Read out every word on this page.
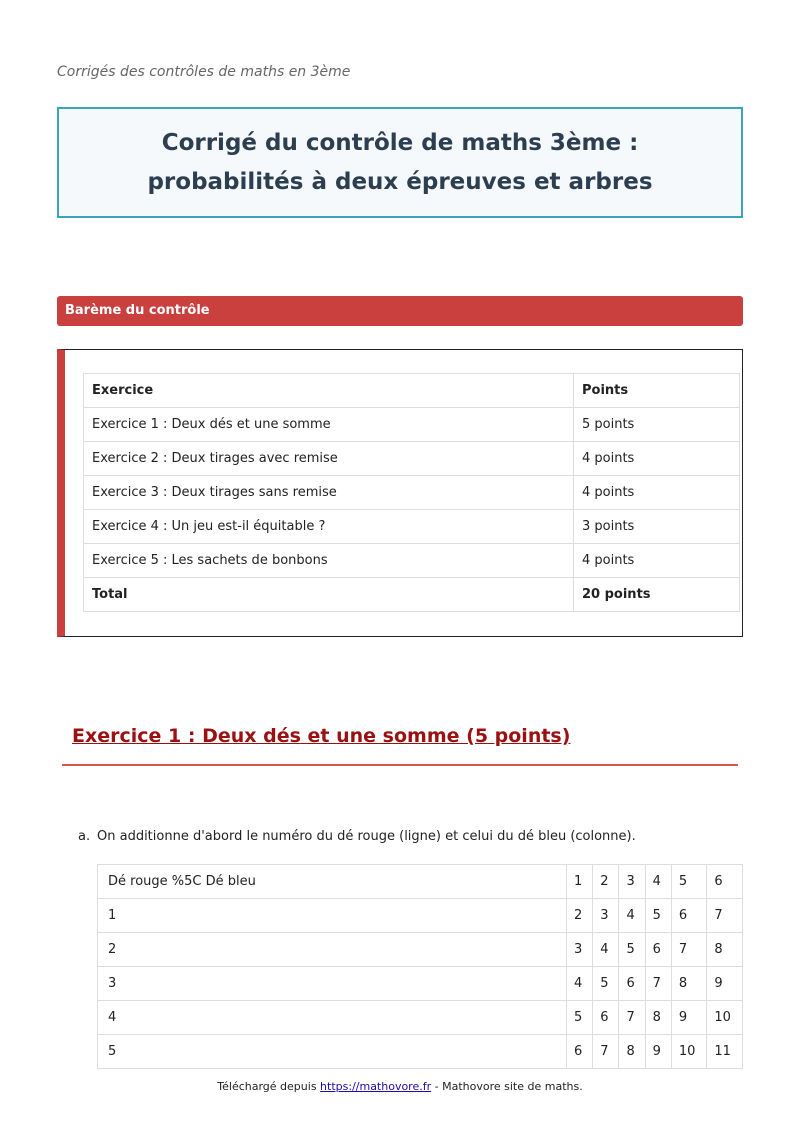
Corrigés des contrôles de maths en 3ème
Corrigé du contrôle de maths 3ème : probabilités à deux épreuves et arbres
Barème du contrôle
Exercice	Points
Exercice 1 : Deux dés et une somme	5 points
Exercice 2 : Deux tirages avec remise	4 points
Exercice 3 : Deux tirages sans remise	4 points
Exercice 4 : Un jeu est-il équitable ?	3 points
Exercice 5 : Les sachets de bonbons	4 points
Total	20 points
Exercice 1 : Deux dés et une somme (5 points)
a. On additionne d'abord le numéro du dé rouge (ligne) et celui du dé bleu (colonne).
Dé rouge %5C Dé bleu	1	2	3	4	5	6
1	2	3	4	5	6	7
2	3	4	5	6	7	8
3	4	5	6	7	8	9
4	5	6	7	8	9	10
5	6	7	8	9	10	11
Téléchargé depuis https://mathovore.fr - Mathovore site de maths.
